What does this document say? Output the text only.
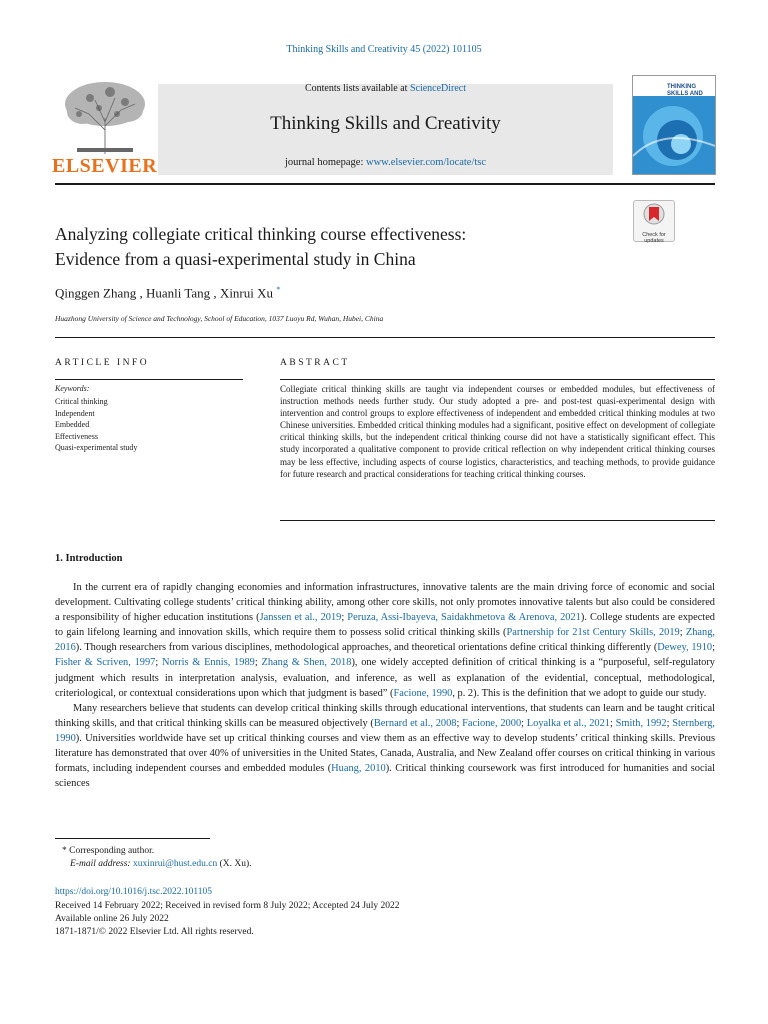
Thinking Skills and Creativity 45 (2022) 101105
ELSEVIER
Contents lists available at ScienceDirect
Thinking Skills and Creativity
journal homepage: www.elsevier.com/locate/tsc
THINKING SKILLS AND
Check for updates
Analyzing collegiate critical thinking course effectiveness:
Evidence from a quasi-experimental study in China
Qinggen Zhang , Huanli Tang , Xinrui Xu *
Huazhong University of Science and Technology, School of Education, 1037 Luoyu Rd, Wuhan, Hubei, China
ARTICLE INFO
Keywords:
Critical thinking
Independent
Embedded
Effectiveness
Quasi-experimental study
ABSTRACT
Collegiate critical thinking skills are taught via independent courses or embedded modules, but effectiveness of instruction methods needs further study. Our study adopted a pre- and post-test quasi-experimental design with intervention and control groups to explore effectiveness of independent and embedded critical thinking modules at two Chinese universities. Embedded critical thinking modules had a significant, positive effect on development of collegiate critical thinking skills, but the independent critical thinking course did not have a statistically significant effect. This study incorporated a qualitative component to provide critical reflection on why independent critical thinking courses may be less effective, including aspects of course logistics, characteristics, and teaching methods, to provide guidance for future research and practical considerations for teaching critical thinking courses.
1. Introduction

In the current era of rapidly changing economies and information infrastructures, innovative talents are the main driving force of economic and social development. Cultivating college students’ critical thinking ability, among other core skills, not only promotes innovative talents but also could be considered a responsibility of higher education institutions (Janssen et al., 2019; Peruza, Assi-Ibayeva, Saidakhmetova & Arenova, 2021). College students are expected to gain lifelong learning and innovation skills, which require them to possess solid critical thinking skills (Partnership for 21st Century Skills, 2019; Zhang, 2016). Though researchers from various disciplines, methodological approaches, and theoretical orientations define critical thinking differently (Dewey, 1910; Fisher & Scriven, 1997; Norris & Ennis, 1989; Zhang & Shen, 2018), one widely accepted definition of critical thinking is a “purposeful, self-regulatory judgment which results in interpretation analysis, evaluation, and inference, as well as explanation of the evidential, conceptual, methodological, criteriological, or contextual considerations upon which that judgment is based” (Facione, 1990, p. 2). This is the definition that we adopt to guide our study.

Many researchers believe that students can develop critical thinking skills through educational interventions, that students can learn and be taught critical thinking skills, and that critical thinking skills can be measured objectively (Bernard et al., 2008; Facione, 2000; Loyalka et al., 2021; Smith, 1992; Sternberg, 1990). Universities worldwide have set up critical thinking courses and view them as an effective way to develop students’ critical thinking skills. Previous literature has demonstrated that over 40% of universities in the United States, Canada, Australia, and New Zealand offer courses on critical thinking in various formats, including independent courses and embedded modules (Huang, 2010). Critical thinking coursework was first introduced for humanities and social sciences

* Corresponding author.
E-mail address: xuxinrui@hust.edu.cn (X. Xu).
https://doi.org/10.1016/j.tsc.2022.101105
Received 14 February 2022; Received in revised form 8 July 2022; Accepted 24 July 2022
Available online 26 July 2022
1871-1871/© 2022 Elsevier Ltd. All rights reserved.
